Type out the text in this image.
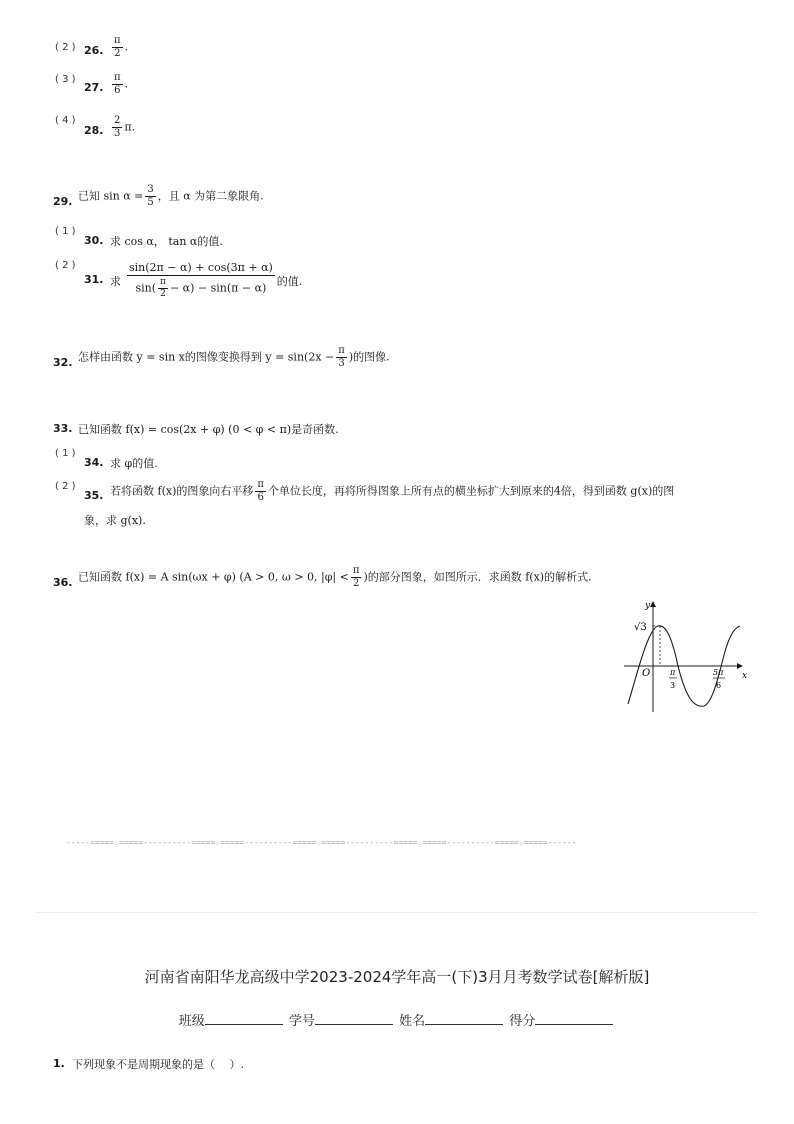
( 2 ) 26. $\frac{\pi}{2}$ .
( 3 )
27. $\frac{\pi}{6}$ .
( 4 )
28. $\frac{2}{3} \pi$.
29. 已知 $\sin \alpha = \frac{3}{5}$ ，且 α 为第二象限角.
( 1 )
30. 求 cos α， tan α的值.
( 2 )
31. 求 $\frac{\sin(2\pi - \alpha) + \cos(3\pi + \alpha)}{\sin( \frac{\pi}{2} - \alpha) - \sin(\pi - \alpha)}$ 的值.
32. 怎样由函数 y = sin x的图像变换得到 $y = \sin(2x - \frac{\pi}{3}$ )的图像.
33. 已知函数 f(x) = cos(2x + φ) (0 < φ < π)是奇函数.
( 1 )
34. 求 φ的值.
( 2 )
35. 若将函数 f(x)的图象向右平移 $\frac{\pi}{6}$ 个单位长度，再将所得图象上所有点的横坐标扩大到原来的4倍，得到函数 g(x)的图
象，求 g(x).
36. 已知函数 f(x) = A sin(ωx + φ) (A > 0, ω > 0, $|\varphi| < \frac{\pi}{2}$ )的部分图象，如图所示．求函数 f(x)的解析式.
y
x
O
√3
π
3
5π
6
-----=====☆=====----------=====☆=====----------=====☆=====----------=====☆=====----------=====☆=====------
河南省南阳华龙高级中学2023-2024学年高一(下)3月月考数学试卷[解析版]
班级	学号	姓名	得分
1. 下列现象不是周期现象的是（　 ）.
